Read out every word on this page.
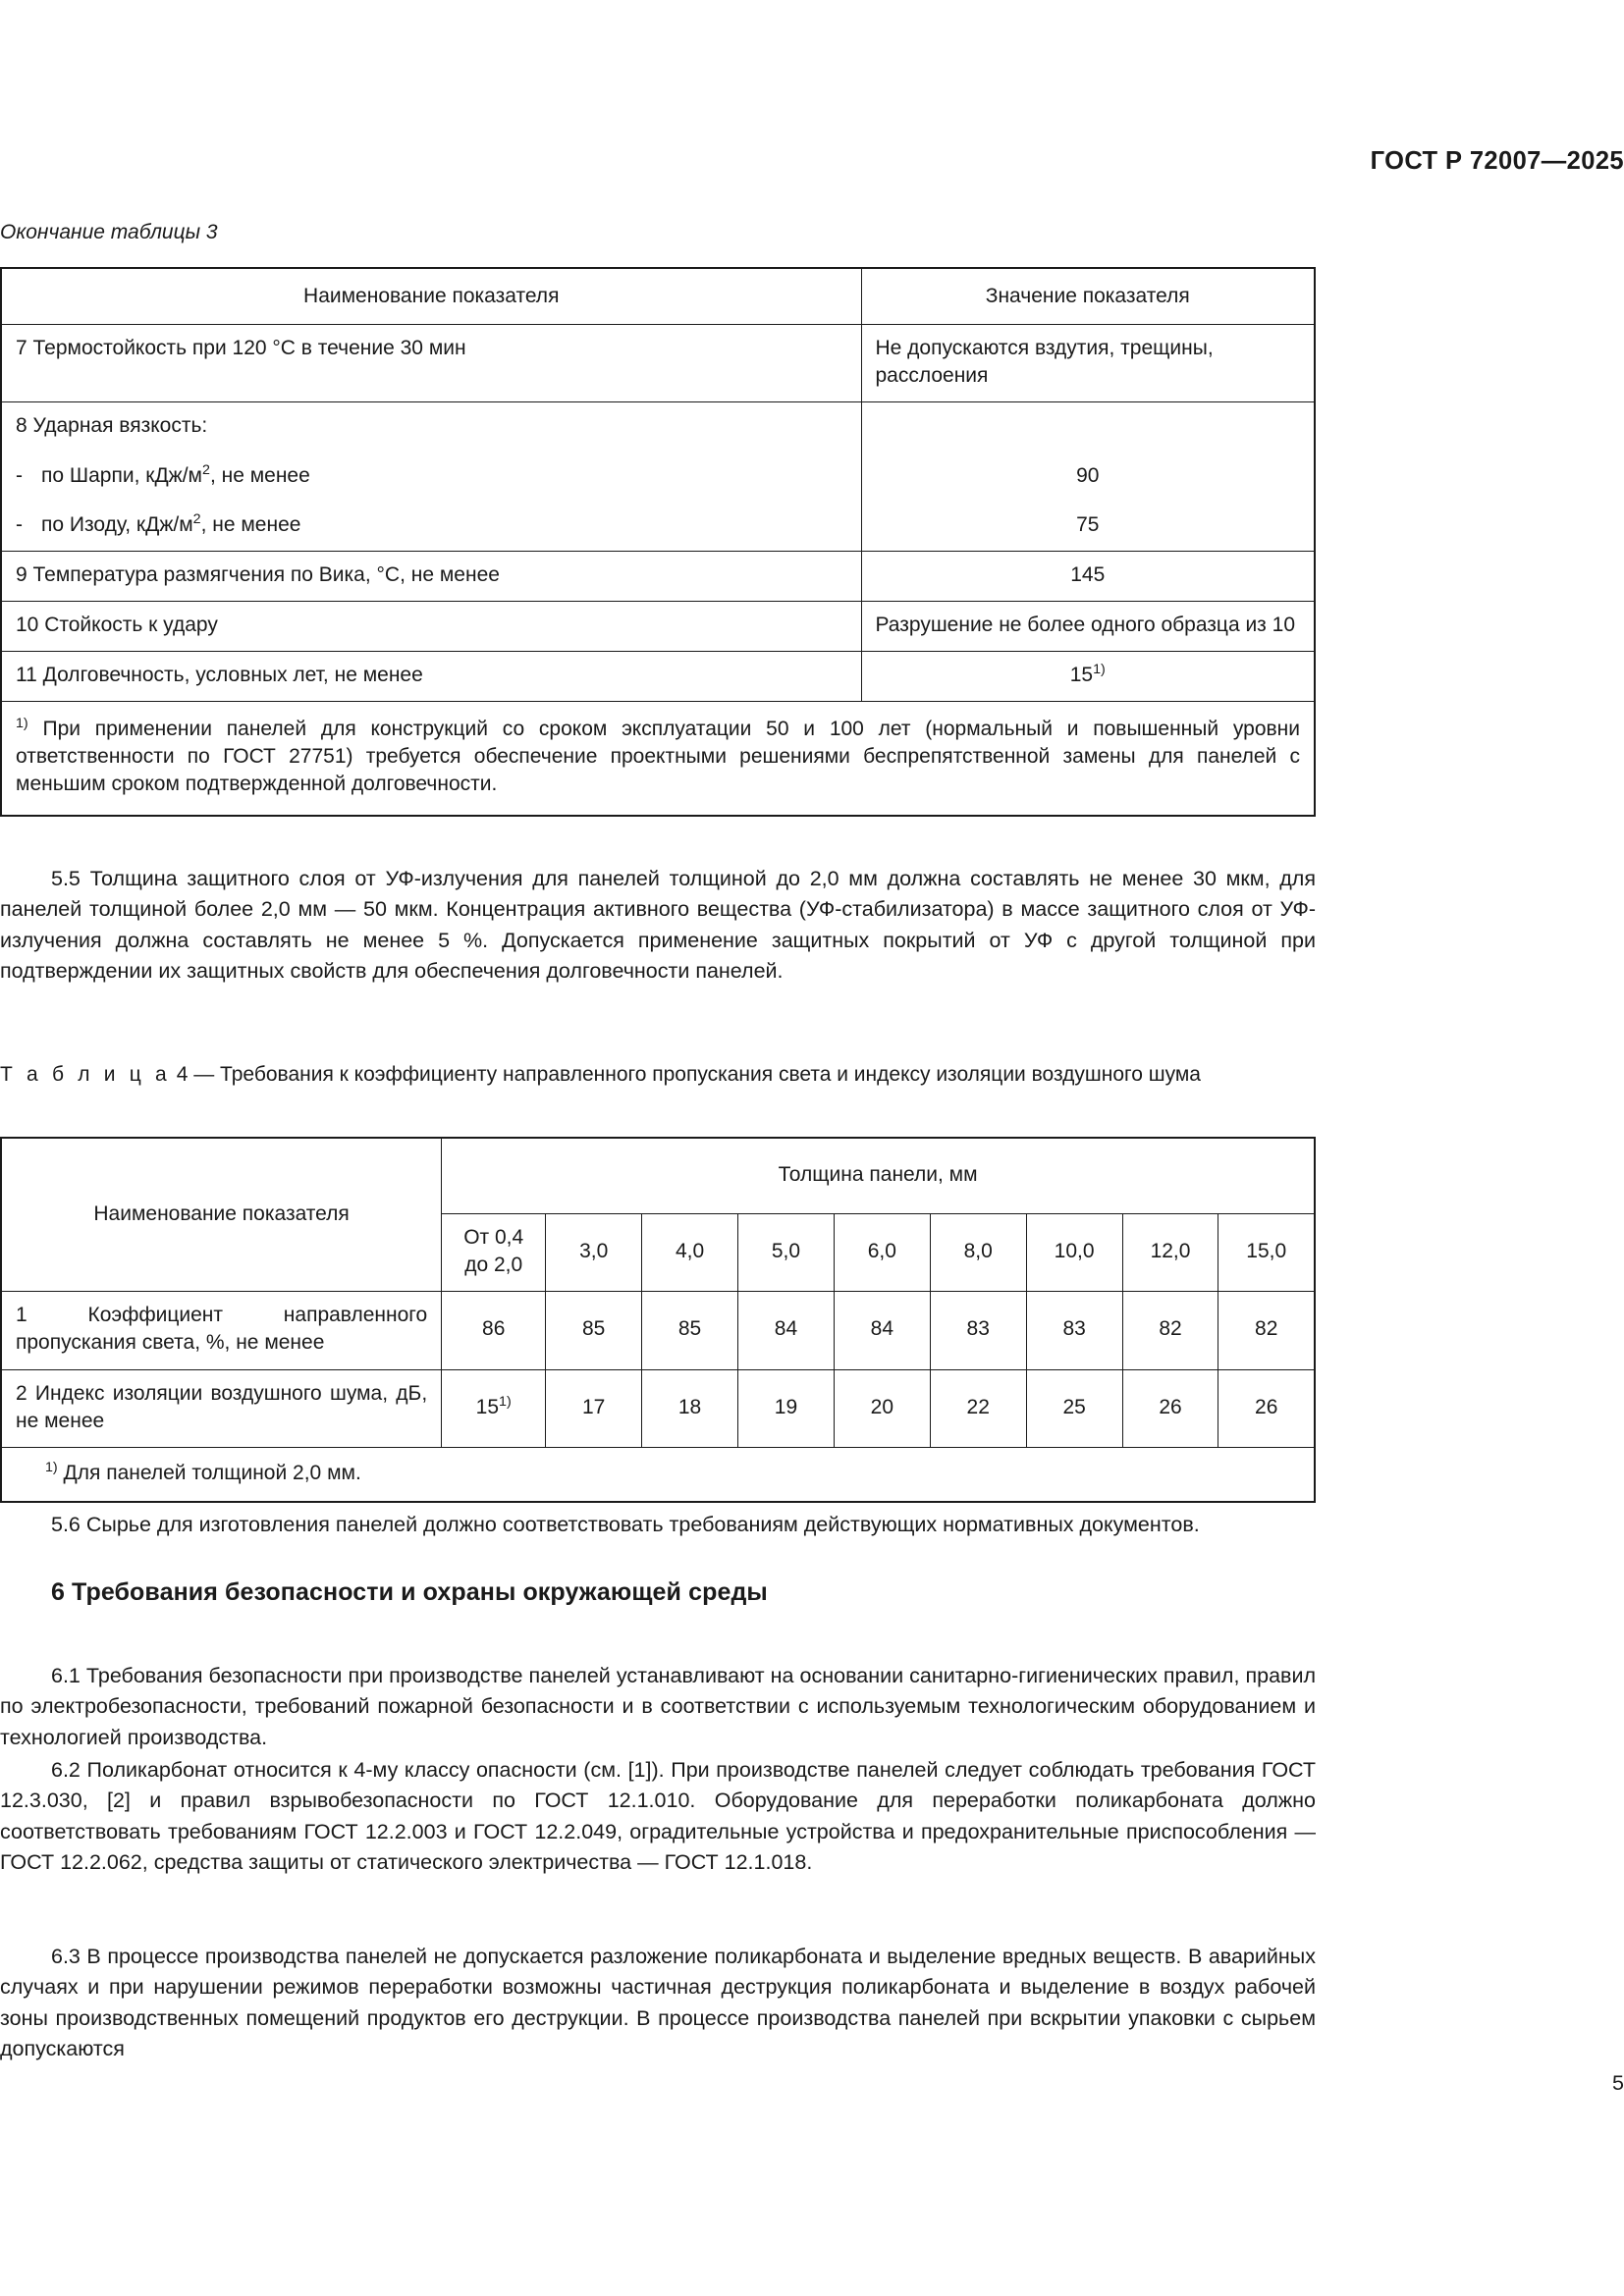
ГОСТ Р 72007—2025
Окончание таблицы 3
Наименование показателя	Значение показателя
7 Термостойкость при 120 °C в течение 30 мин	Не допускаются вздутия, трещины, расслоения
8 Ударная вязкость:	

- по Шарпи, кДж/$м^2$, не менее	90

- по Изоду, кДж/$м^2$, не менее	75
9 Температура размягчения по Вика, °C, не менее	145
10 Стойкость к удару	Разрушение не более одного образца из 10
11 Долговечность, условных лет, не менее	15$^{1)}$
$^{1)}$ При применении панелей для конструкций со сроком эксплуатации 50 и 100 лет (нормальный и повышенный уровни ответственности по ГОСТ 27751) требуется обеспечение проектными решениями беспрепятственной замены для панелей с меньшим сроком подтвержденной долговечности.	

5.5 Толщина защитного слоя от УФ-излучения для панелей толщиной до 2,0 мм должна составлять не менее 30 мкм, для панелей толщиной более 2,0 мм — 50 мкм. Концентрация активного вещества (УФ-стабилизатора) в массе защитного слоя от УФ-излучения должна составлять не менее 5 %. Допускается применение защитных покрытий от УФ с другой толщиной при подтверждении их защитных свойств для обеспечения долговечности панелей.

Т а б л и ц а 4 — Требования к коэффициенту направленного пропускания света и индексу изоляции воздушного шума
Наименование показателя	Толщина панели, мм								
	От 0,4
до 2,0	3,0	4,0	5,0	6,0	8,0	10,0	12,0	15,0
1 Коэффициент направленного пропускания света, %, не менее	86	85	85	84	84	83	83	82	82
2 Индекс изоляции воздушного шума, дБ, не менее	15$^{1)}$	17	18	19	20	22	25	26	26
$^{1)}$ Для панелей толщиной 2,0 мм.									

5.6 Сырье для изготовления панелей должно соответствовать требованиям действующих нормативных документов.

6 Требования безопасности и охраны окружающей среды

6.1 Требования безопасности при производстве панелей устанавливают на основании санитарно-гигиенических правил, правил по электробезопасности, требований пожарной безопасности и в соответствии с используемым технологическим оборудованием и технологией производства.

6.2 Поликарбонат относится к 4-му классу опасности (см. [1]). При производстве панелей следует соблюдать требования ГОСТ 12.3.030, [2] и правил взрывобезопасности по ГОСТ 12.1.010. Оборудование для переработки поликарбоната должно соответствовать требованиям ГОСТ 12.2.003 и ГОСТ 12.2.049, оградительные устройства и предохранительные приспособления — ГОСТ 12.2.062, средства защиты от статического электричества — ГОСТ 12.1.018.

6.3 В процессе производства панелей не допускается разложение поликарбоната и выделение вредных веществ. В аварийных случаях и при нарушении режимов переработки возможны частичная деструкция поликарбоната и выделение в воздух рабочей зоны производственных помещений продуктов его деструкции. В процессе производства панелей при вскрытии упаковки с сырьем допускаются

5
